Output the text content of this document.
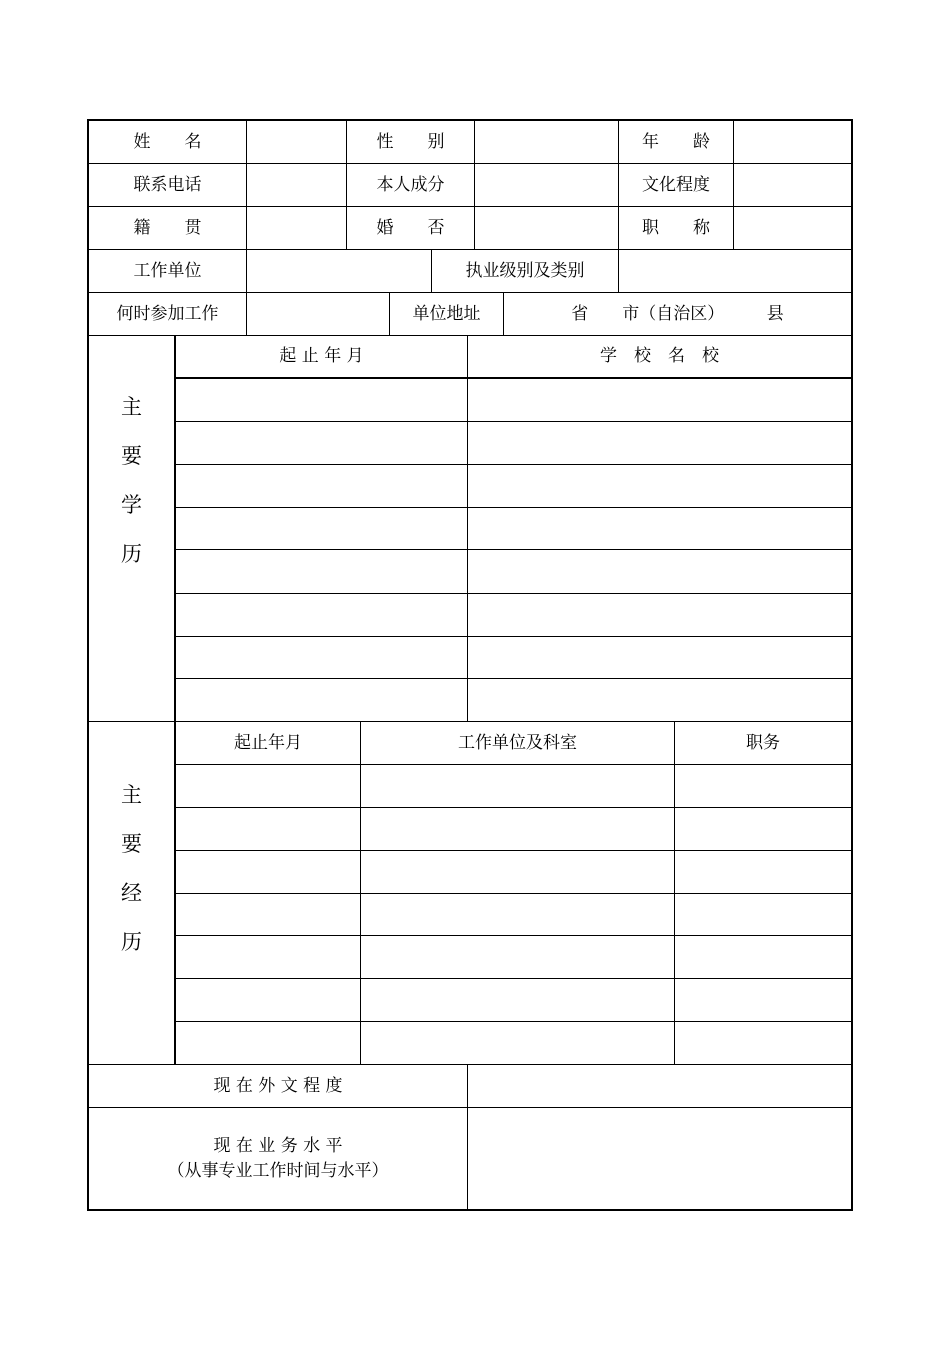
姓　　名	性　　别	年　　龄
联系电话	本人成分	文化程度
籍　　贯	婚　　否	职　　称
工作单位	执业级别及类别
何时参加工作	单位地址	省　　市（自治区）　　　县
主
要
学
历
起 止 年 月	学　校　名　校
主
要
经
历
起止年月	工作单位及科室	职务
现 在 外 文 程 度
现 在 业 务 水 平
（从事专业工作时间与水平）
